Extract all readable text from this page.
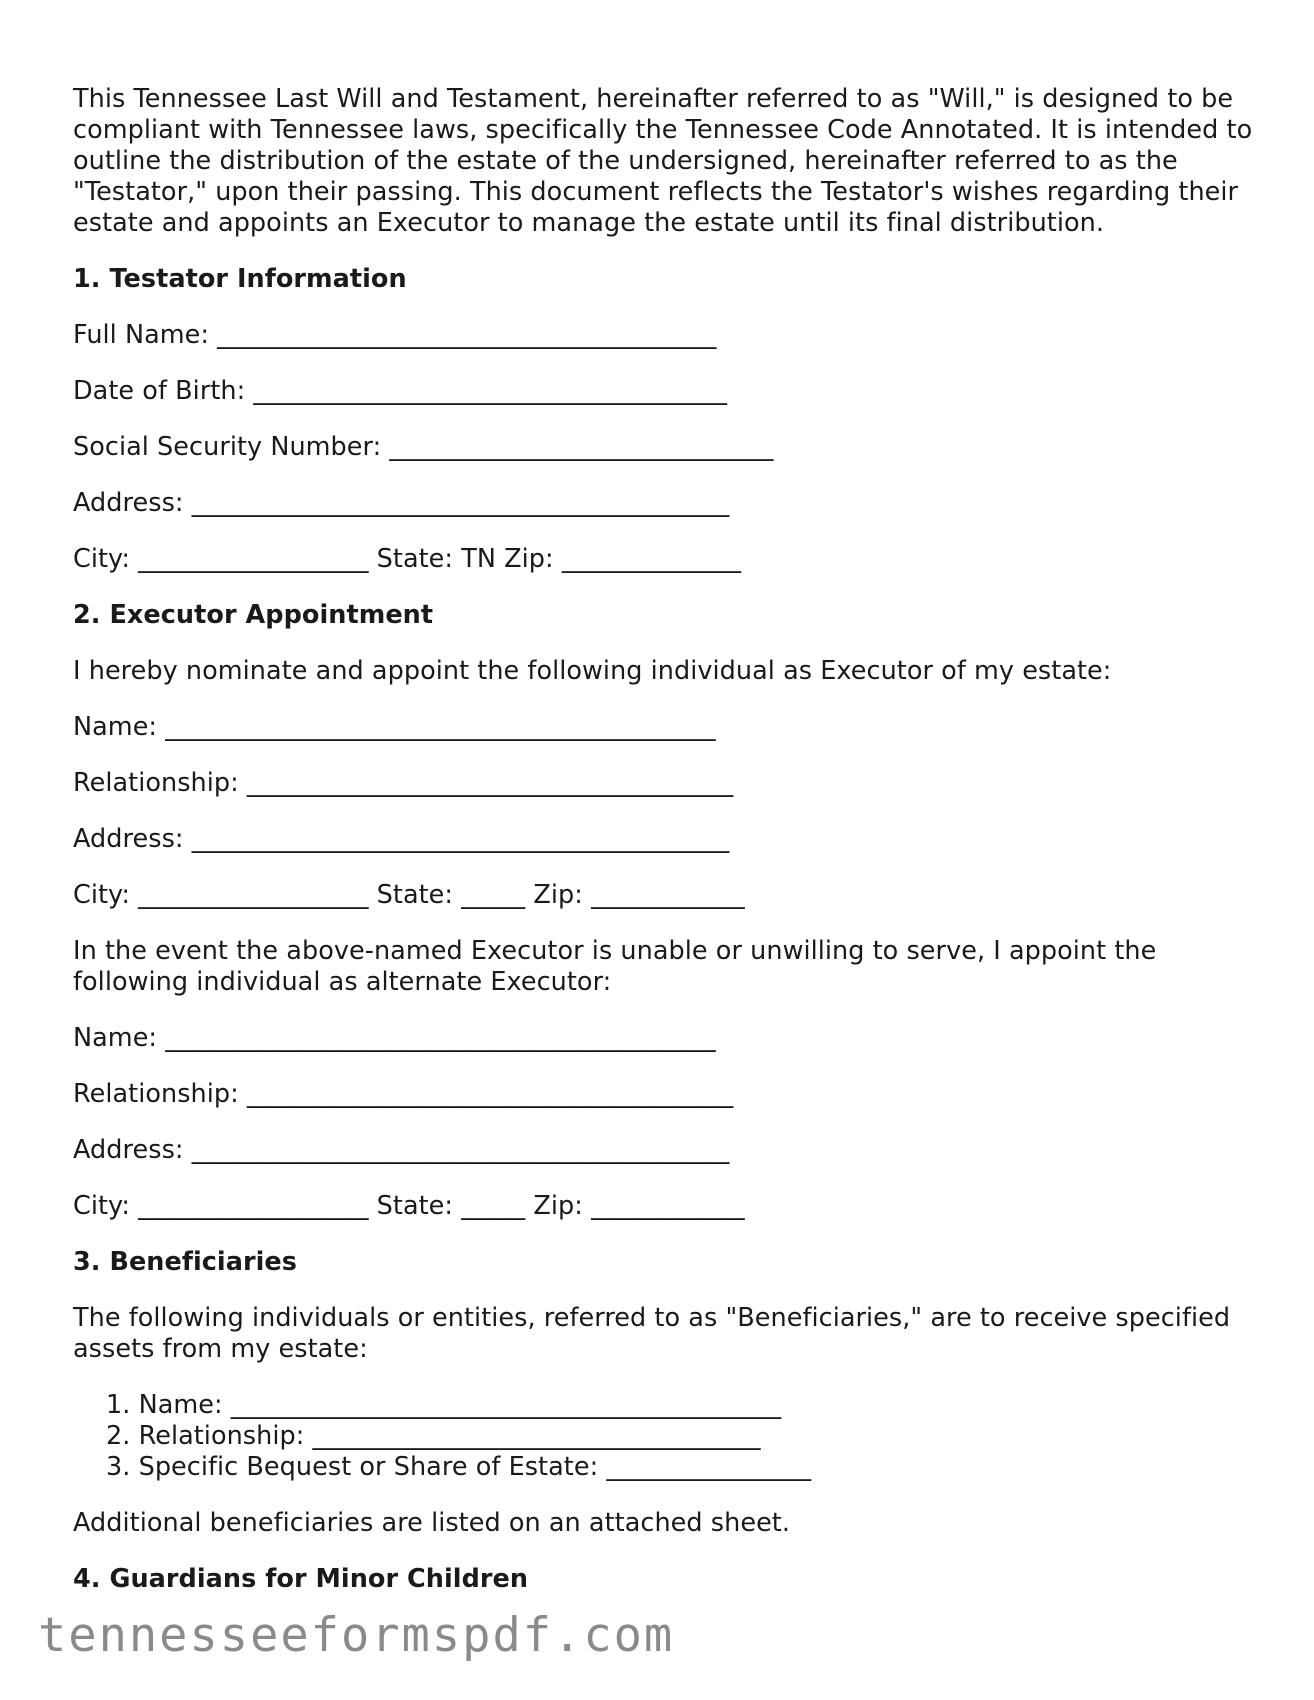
This Tennessee Last Will and Testament, hereinafter referred to as "Will," is designed to be compliant with Tennessee laws, specifically the Tennessee Code Annotated. It is intended to outline the distribution of the estate of the undersigned, hereinafter referred to as the "Testator," upon their passing. This document reflects the Testator's wishes regarding their estate and appoints an Executor to manage the estate until its final distribution.

1. Testator Information

Full Name: _______________________________________

Date of Birth: _____________________________________

Social Security Number: ______________________________

Address: __________________________________________

City: __________________ State: TN Zip: ______________

2. Executor Appointment

I hereby nominate and appoint the following individual as Executor of my estate:

Name: ___________________________________________

Relationship: ______________________________________

Address: __________________________________________

City: __________________ State: _____ Zip: ____________

In the event the above-named Executor is unable or unwilling to serve, I appoint the following individual as alternate Executor:

Name: ___________________________________________

Relationship: ______________________________________

Address: __________________________________________

City: __________________ State: _____ Zip: ____________

3. Beneficiaries

The following individuals or entities, referred to as "Beneficiaries," are to receive specified assets from my estate:

1. Name: ___________________________________________
2. Relationship: ___________________________________
3. Specific Bequest or Share of Estate: ________________

Additional beneficiaries are listed on an attached sheet.

4. Guardians for Minor Children
tennesseeformspdf.com
